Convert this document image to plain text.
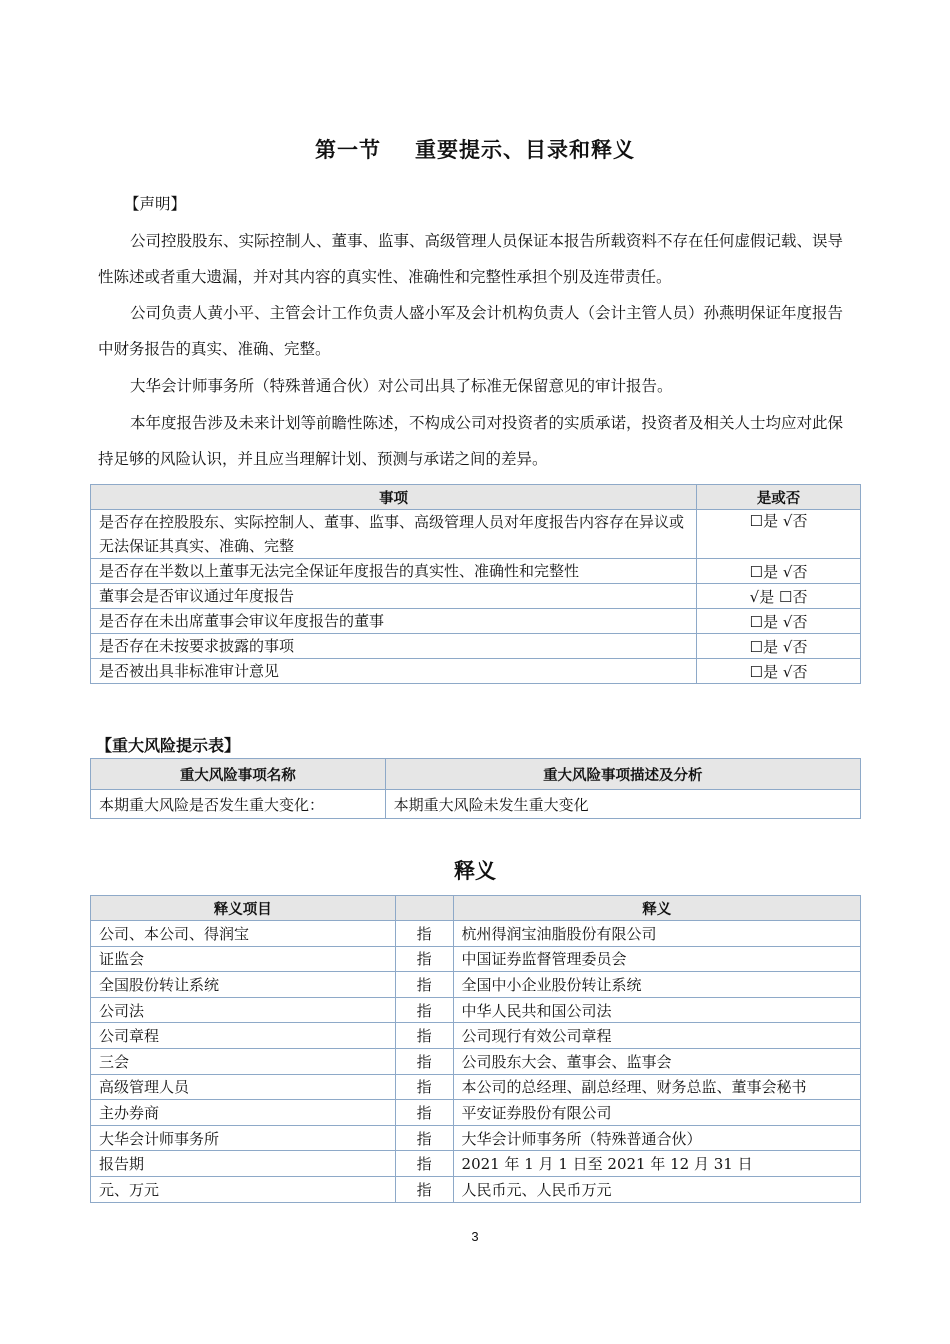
第一节 重要提示、目录和释义
【声明】
公司控股股东、实际控制人、董事、监事、高级管理人员保证本报告所载资料不存在任何虚假记载、误导性陈述或者重大遗漏，并对其内容的真实性、准确性和完整性承担个别及连带责任。
公司负责人黄小平、主管会计工作负责人盛小军及会计机构负责人（会计主管人员）孙燕明保证年度报告中财务报告的真实、准确、完整。
大华会计师事务所（特殊普通合伙）对公司出具了标准无保留意见的审计报告。
本年度报告涉及未来计划等前瞻性陈述，不构成公司对投资者的实质承诺，投资者及相关人士均应对此保持足够的风险认识，并且应当理解计划、预测与承诺之间的差异。
事项	是或否
是否存在控股股东、实际控制人、董事、监事、高级管理人员对年度报告内容存在异议或无法保证其真实、准确、完整	☐是 √否
是否存在半数以上董事无法完全保证年度报告的真实性、准确性和完整性	☐是 √否
董事会是否审议通过年度报告	√是 ☐否
是否存在未出席董事会审议年度报告的董事	☐是 √否
是否存在未按要求披露的事项	☐是 √否
是否被出具非标准审计意见	☐是 √否
【重大风险提示表】
重大风险事项名称	重大风险事项描述及分析
本期重大风险是否发生重大变化：	本期重大风险未发生重大变化
释义
释义项目		释义
公司、本公司、得润宝	指	杭州得润宝油脂股份有限公司
证监会	指	中国证券监督管理委员会
全国股份转让系统	指	全国中小企业股份转让系统
公司法	指	中华人民共和国公司法
公司章程	指	公司现行有效公司章程
三会	指	公司股东大会、董事会、监事会
高级管理人员	指	本公司的总经理、副总经理、财务总监、董事会秘书
主办券商	指	平安证券股份有限公司
大华会计师事务所	指	大华会计师事务所（特殊普通合伙）
报告期	指	2021 年 1 月 1 日至 2021 年 12 月 31 日
元、万元	指	人民币元、人民币万元
3
